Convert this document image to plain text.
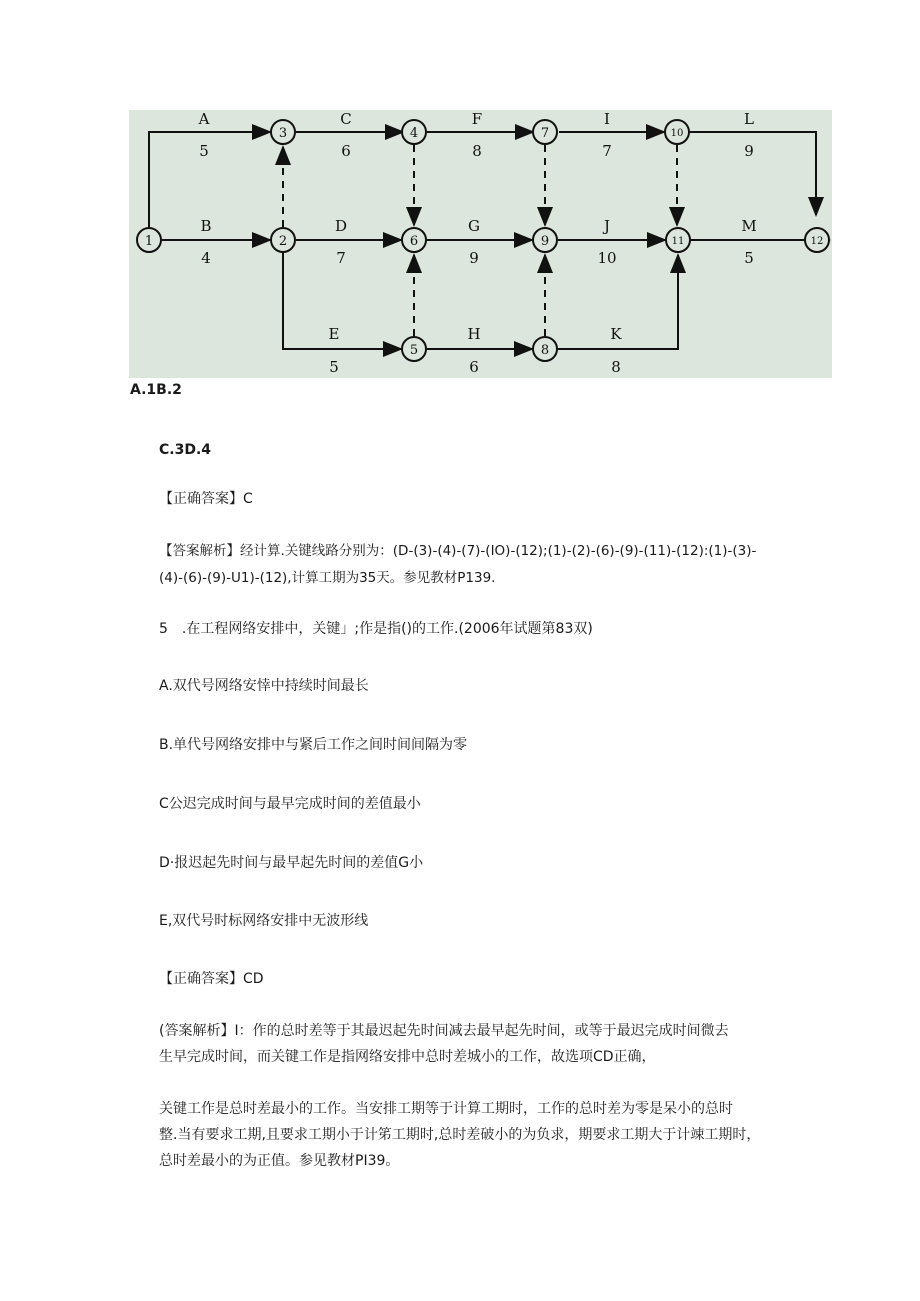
1	2
3	4
5
6
7
8
9
10
11	12
A
5
C
6
F
8
I
7
L
9
B
4
D
7
G
9
J
10
M
5
E
5
H
6
K
8
A.1B.2
C.3D.4
【正确答案】C
【答案解析】经计算.关键线路分别为：(D-(3)-(4)-(7)-(IO)-(12);(1)-(2)-(6)-(9)-(11)-(12):(1)-(3)-
(4)-(6)-(9)-U1)-(12),计算工期为35天。参见教材P139.
5　.在工程网络安排中，关键」;作是指()的工作.(2006年试题第83双)
A.双代号网络安悻中持续时间最长
B.单代号网络安排中与紧后工作之间时间间隔为零
C公迟完成时间与最早完成时间的差值最小
D·报迟起先时间与最早起先时间的差值G小
E,双代号时标网络安排中无波形线
【正确答案】CD
(答案解析】I：作的总时差等于其最迟起先时间减去最早起先时间，或等于最迟完成时间微去
生早完成时间，而关键工作是指网络安排中总时差城小的工作，故选项CD正确，
关键工作是总时差最小的工作。当安排工期等于计算工期时，工作的总时差为零是呆小的总时
整.当有要求工期,且要求工期小于计笫工期时,总时差破小的为负求，期要求工期大于计竦工期时，
总时差最小的为正值。参见教材PI39。
